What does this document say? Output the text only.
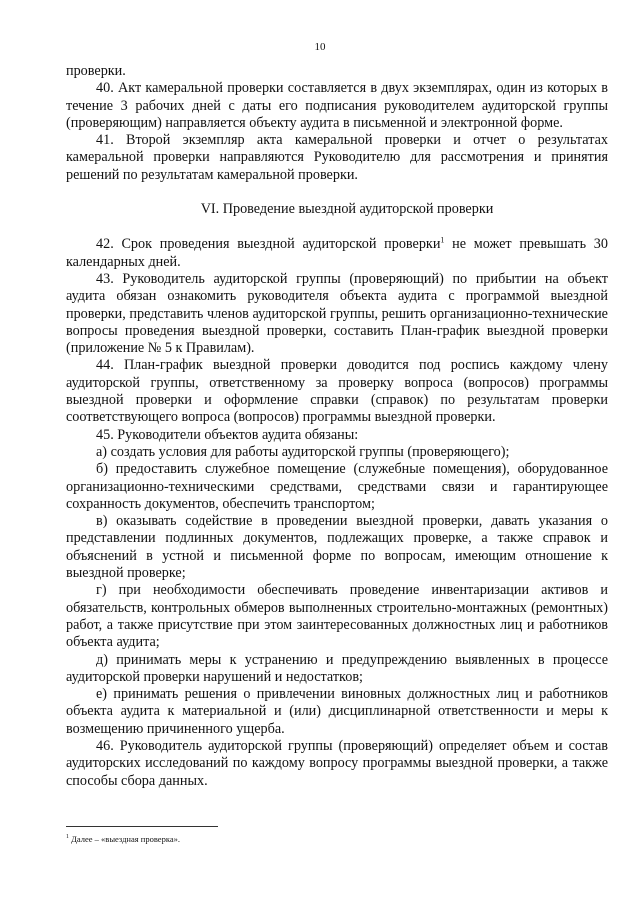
10

проверки.

40. Акт камеральной проверки составляется в двух экземплярах, один из которых в течение 3 рабочих дней с даты его подписания руководителем аудиторской группы (проверяющим) направляется объекту аудита в письменной и электронной форме.

41. Второй экземпляр акта камеральной проверки и отчет о результатах камеральной проверки направляются Руководителю для рассмотрения и принятия решений по результатам камеральной проверки.

VI. Проведение выездной аудиторской проверки

42. Срок проведения выездной аудиторской проверки$^1$ не может превышать 30 календарных дней.

43. Руководитель аудиторской группы (проверяющий) по прибытии на объект аудита обязан ознакомить руководителя объекта аудита с программой выездной проверки, представить членов аудиторской группы, решить организационно-технические вопросы проведения выездной проверки, составить План-график выездной проверки (приложение № 5 к Правилам).

44. План-график выездной проверки доводится под роспись каждому члену аудиторской группы, ответственному за проверку вопроса (вопросов) программы выездной проверки и оформление справки (справок) по результатам проверки соответствующего вопроса (вопросов) программы выездной проверки.

45. Руководители объектов аудита обязаны:

а) создать условия для работы аудиторской группы (проверяющего);

б) предоставить служебное помещение (служебные помещения), оборудованное организационно-техническими средствами, средствами связи и гарантирующее сохранность документов, обеспечить транспортом;

в) оказывать содействие в проведении выездной проверки, давать указания о представлении подлинных документов, подлежащих проверке, а также справок и объяснений в устной и письменной форме по вопросам, имеющим отношение к выездной проверке;

г) при необходимости обеспечивать проведение инвентаризации активов и обязательств, контрольных обмеров выполненных строительно-монтажных (ремонтных) работ, а также присутствие при этом заинтересованных должностных лиц и работников объекта аудита;

д) принимать меры к устранению и предупреждению выявленных в процессе аудиторской проверки нарушений и недостатков;

е) принимать решения о привлечении виновных должностных лиц и работников объекта аудита к материальной и (или) дисциплинарной ответственности и меры к возмещению причиненного ущерба.

46. Руководитель аудиторской группы (проверяющий) определяет объем и состав аудиторских исследований по каждому вопросу программы выездной проверки, а также способы сбора данных.

$^1$ Далее – «выездная проверка».
